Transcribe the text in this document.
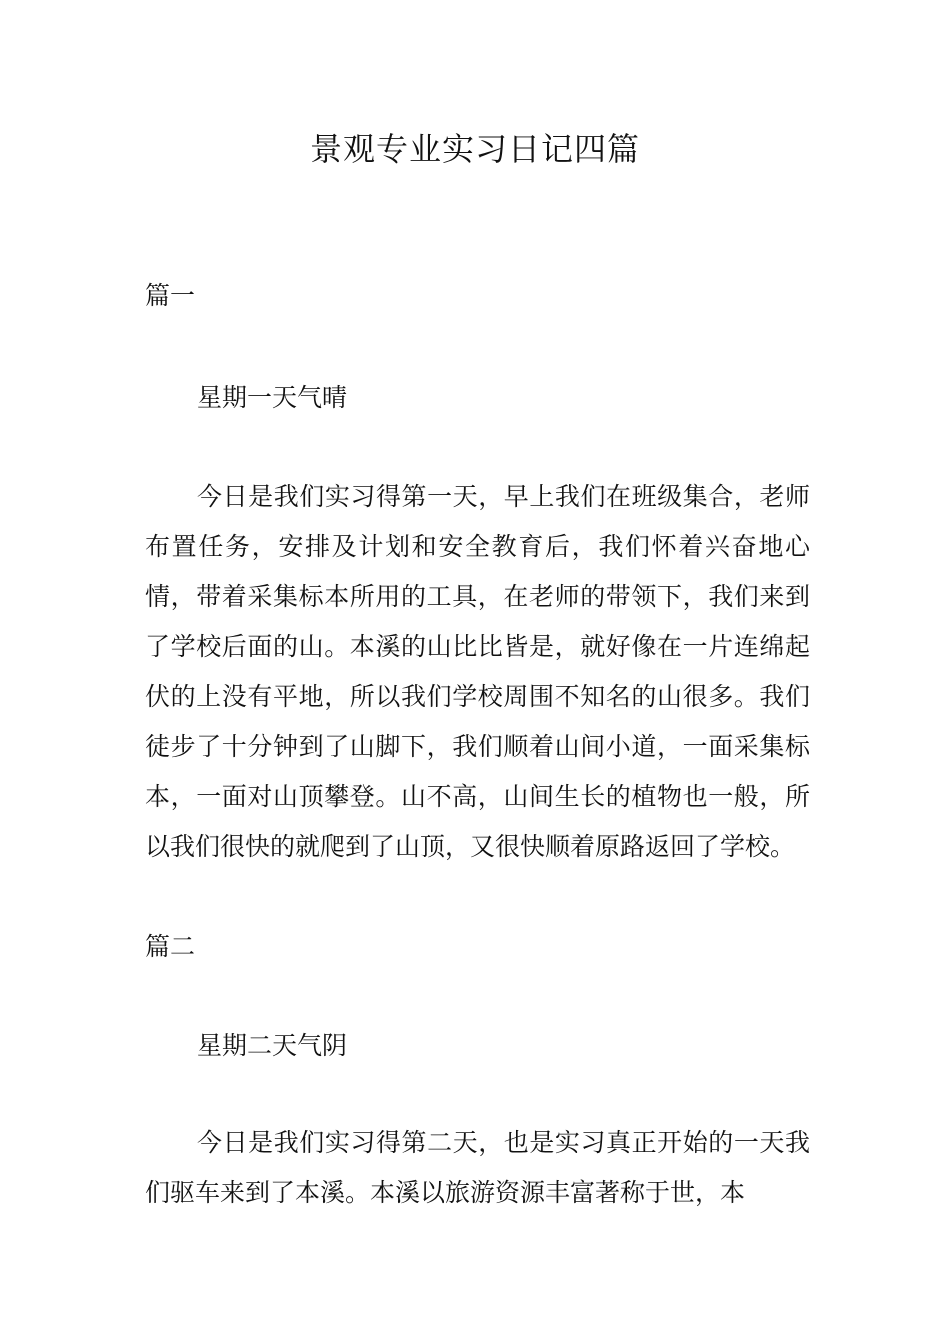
景观专业实习日记四篇
篇一
星期一天气晴

今日是我们实习得第一天，早上我们在班级集合，老师布置任务，安排及计划和安全教育后，我们怀着兴奋地心情，带着采集标本所用的工具，在老师的带领下，我们来到了学校后面的山。本溪的山比比皆是，就好像在一片连绵起伏的上没有平地，所以我们学校周围不知名的山很多。我们徒步了十分钟到了山脚下，我们顺着山间小道，一面采集标本，一面对山顶攀登。山不高，山间生长的植物也一般，所以我们很快的就爬到了山顶，又很快顺着原路返回了学校。

篇二
星期二天气阴

今日是我们实习得第二天，也是实习真正开始的一天我们驱车来到了本溪。本溪以旅游资源丰富著称于世，本
